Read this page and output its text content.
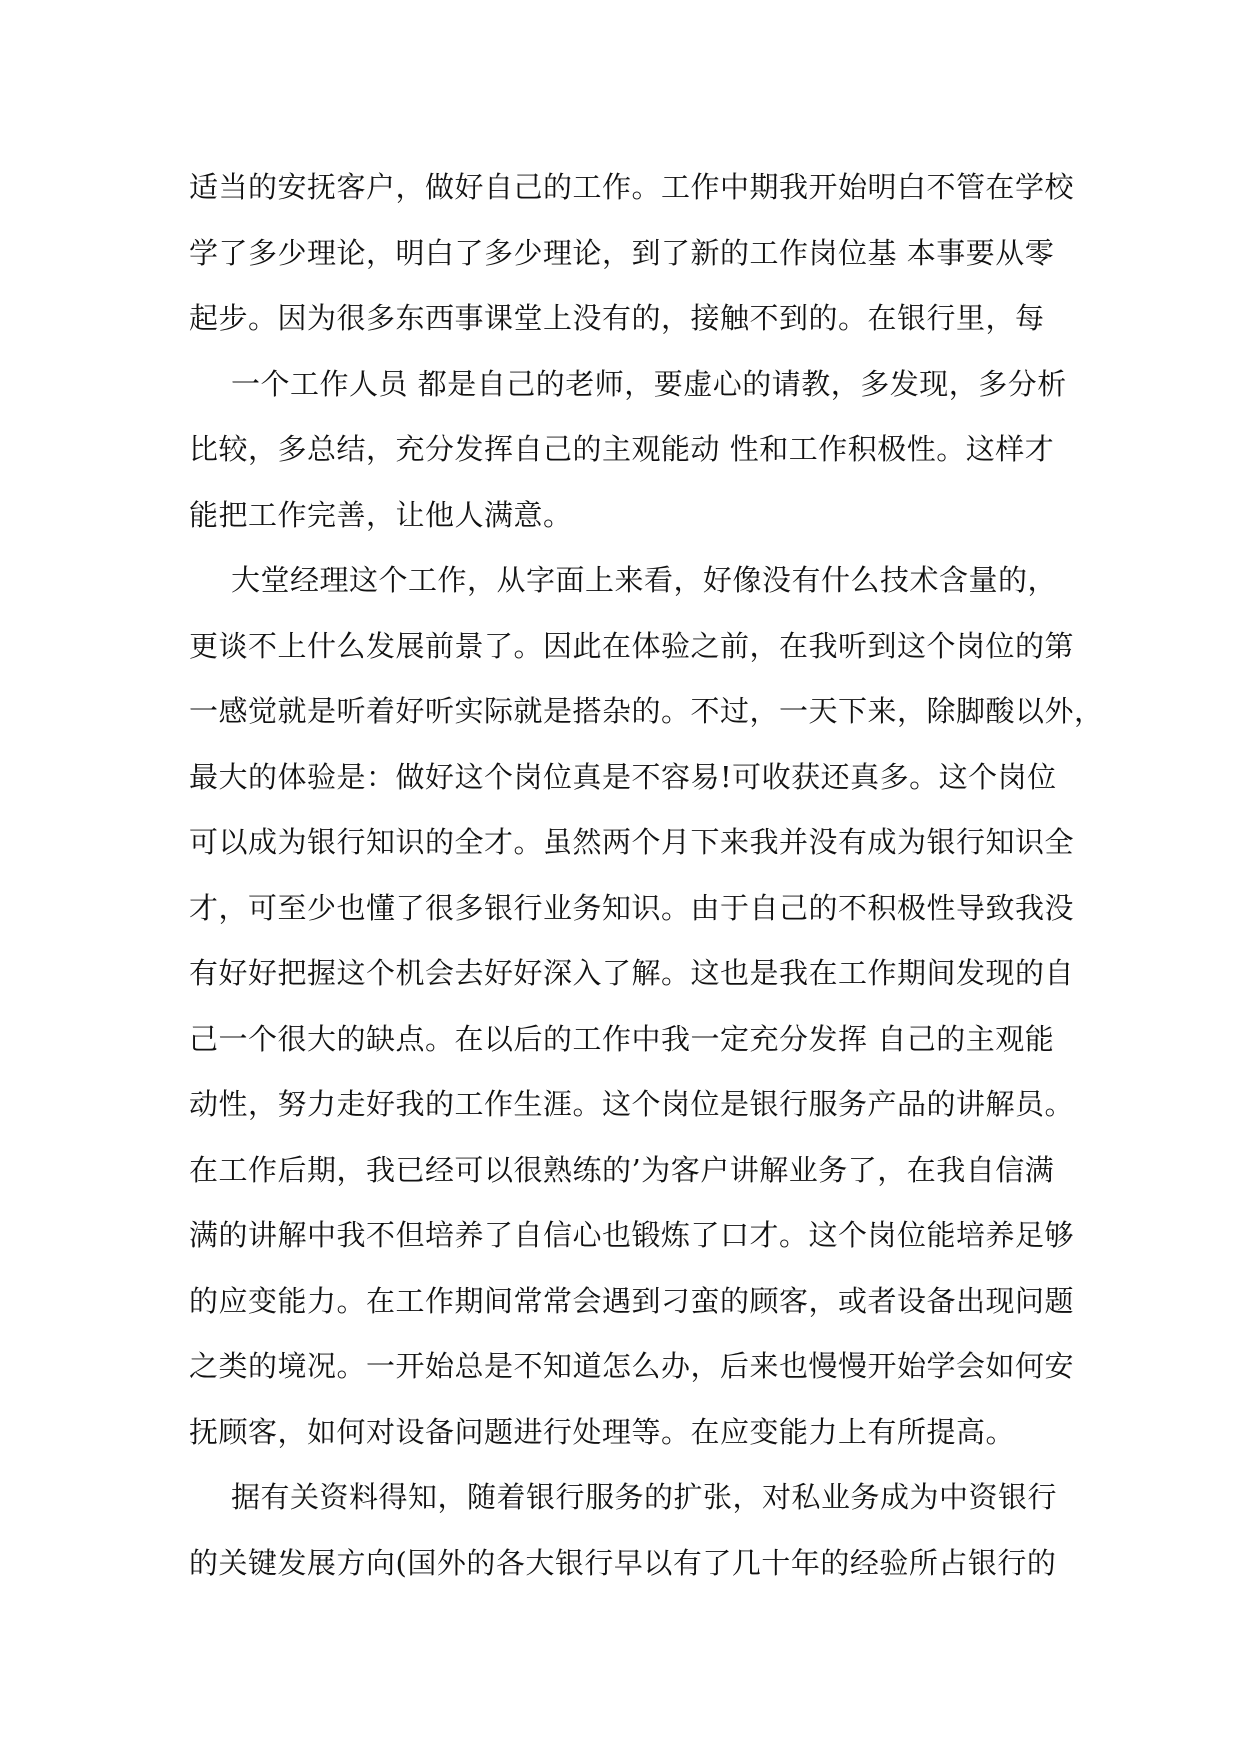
适当的安抚客户，做好自己的工作。工作中期我开始明白不管在学校
学了多少理论，明白了多少理论，到了新的工作岗位基 本事要从零
起步。因为很多东西事课堂上没有的，接触不到的。在银行里，每
一个工作人员 都是自己的老师，要虚心的请教，多发现，多分析
比较，多总结，充分发挥自己的主观能动 性和工作积极性。这样才
能把工作完善，让他人满意。
大堂经理这个工作，从字面上来看，好像没有什么技术含量的，
更谈不上什么发展前景了。因此在体验之前，在我听到这个岗位的第
一感觉就是听着好听实际就是搭杂的。不过，一天下来，除脚酸以外，
最大的体验是：做好这个岗位真是不容易!可收获还真多。这个岗位
可以成为银行知识的全才。虽然两个月下来我并没有成为银行知识全
才，可至少也懂了很多银行业务知识。由于自己的不积极性导致我没
有好好把握这个机会去好好深入了解。这也是我在工作期间发现的自
己一个很大的缺点。在以后的工作中我一定充分发挥 自己的主观能
动性，努力走好我的工作生涯。这个岗位是银行服务产品的讲解员。
在工作后期，我已经可以很熟练的’为客户讲解业务了，在我自信满
满的讲解中我不但培养了自信心也锻炼了口才。这个岗位能培养足够
的应变能力。在工作期间常常会遇到刁蛮的顾客，或者设备出现问题
之类的境况。一开始总是不知道怎么办，后来也慢慢开始学会如何安
抚顾客，如何对设备问题进行处理等。在应变能力上有所提高。
据有关资料得知，随着银行服务的扩张，对私业务成为中资银行
的关键发展方向(国外的各大银行早以有了几十年的经验所占银行的
